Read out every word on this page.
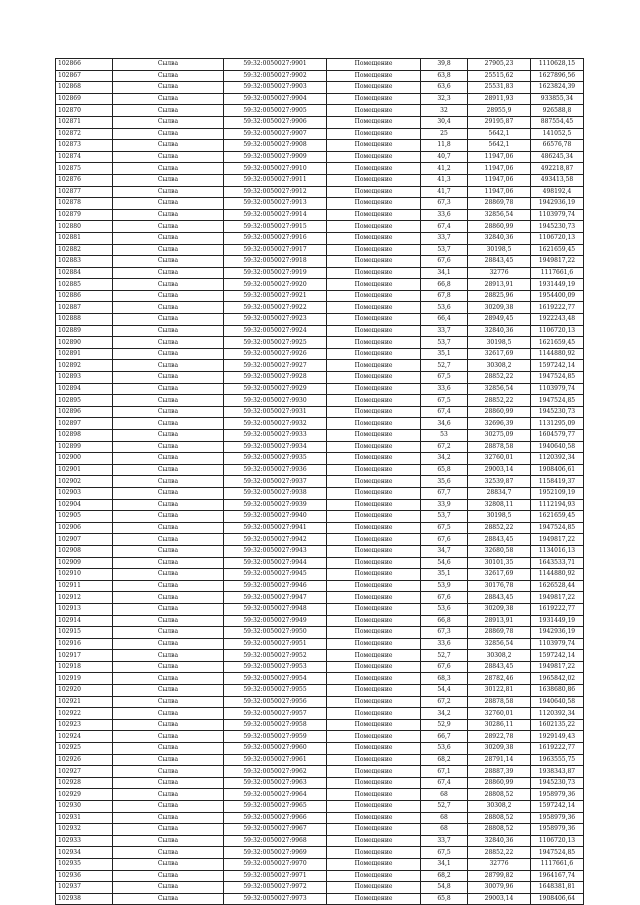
102866	Сылва	59:32:0050027:9901	Помещение	39,8	27905,23	1110628,15
102867	Сылва	59:32:0050027:9902	Помещение	63,8	25515,62	1627896,56
102868	Сылва	59:32:0050027:9903	Помещение	63,6	25531,83	1623824,39
102869	Сылва	59:32:0050027:9904	Помещение	32,3	28911,93	933855,34
102870	Сылва	59:32:0050027:9905	Помещение	32	28955,9	926588,8
102871	Сылва	59:32:0050027:9906	Помещение	30,4	29195,87	887554,45
102872	Сылва	59:32:0050027:9907	Помещение	25	5642,1	141052,5
102873	Сылва	59:32:0050027:9908	Помещение	11,8	5642,1	66576,78
102874	Сылва	59:32:0050027:9909	Помещение	40,7	11947,06	486245,34
102875	Сылва	59:32:0050027:9910	Помещение	41,2	11947,06	492218,87
102876	Сылва	59:32:0050027:9911	Помещение	41,3	11947,06	493413,58
102877	Сылва	59:32:0050027:9912	Помещение	41,7	11947,06	498192,4
102878	Сылва	59:32:0050027:9913	Помещение	67,3	28869,78	1942936,19
102879	Сылва	59:32:0050027:9914	Помещение	33,6	32856,54	1103979,74
102880	Сылва	59:32:0050027:9915	Помещение	67,4	28860,99	1945230,73
102881	Сылва	59:32:0050027:9916	Помещение	33,7	32840,36	1106720,13
102882	Сылва	59:32:0050027:9917	Помещение	53,7	30198,5	1621659,45
102883	Сылва	59:32:0050027:9918	Помещение	67,6	28843,45	1949817,22
102884	Сылва	59:32:0050027:9919	Помещение	34,1	32776	1117661,6
102885	Сылва	59:32:0050027:9920	Помещение	66,8	28913,91	1931449,19
102886	Сылва	59:32:0050027:9921	Помещение	67,8	28825,96	1954400,09
102887	Сылва	59:32:0050027:9922	Помещение	53,6	30209,38	1619222,77
102888	Сылва	59:32:0050027:9923	Помещение	66,4	28949,45	1922243,48
102889	Сылва	59:32:0050027:9924	Помещение	33,7	32840,36	1106720,13
102890	Сылва	59:32:0050027:9925	Помещение	53,7	30198,5	1621659,45
102891	Сылва	59:32:0050027:9926	Помещение	35,1	32617,69	1144880,92
102892	Сылва	59:32:0050027:9927	Помещение	52,7	30308,2	1597242,14
102893	Сылва	59:32:0050027:9928	Помещение	67,5	28852,22	1947524,85
102894	Сылва	59:32:0050027:9929	Помещение	33,6	32856,54	1103979,74
102895	Сылва	59:32:0050027:9930	Помещение	67,5	28852,22	1947524,85
102896	Сылва	59:32:0050027:9931	Помещение	67,4	28860,99	1945230,73
102897	Сылва	59:32:0050027:9932	Помещение	34,6	32696,39	1131295,09
102898	Сылва	59:32:0050027:9933	Помещение	53	30275,09	1604579,77
102899	Сылва	59:32:0050027:9934	Помещение	67,2	28878,58	1940640,58
102900	Сылва	59:32:0050027:9935	Помещение	34,2	32760,01	1120392,34
102901	Сылва	59:32:0050027:9936	Помещение	65,8	29003,14	1908406,61
102902	Сылва	59:32:0050027:9937	Помещение	35,6	32539,87	1158419,37
102903	Сылва	59:32:0050027:9938	Помещение	67,7	28834,7	1952109,19
102904	Сылва	59:32:0050027:9939	Помещение	33,9	32808,11	1112194,93
102905	Сылва	59:32:0050027:9940	Помещение	53,7	30198,5	1621659,45
102906	Сылва	59:32:0050027:9941	Помещение	67,5	28852,22	1947524,85
102907	Сылва	59:32:0050027:9942	Помещение	67,6	28843,45	1949817,22
102908	Сылва	59:32:0050027:9943	Помещение	34,7	32680,58	1134016,13
102909	Сылва	59:32:0050027:9944	Помещение	54,6	30101,35	1643533,71
102910	Сылва	59:32:0050027:9945	Помещение	35,1	32617,69	1144880,92
102911	Сылва	59:32:0050027:9946	Помещение	53,9	30176,78	1626528,44
102912	Сылва	59:32:0050027:9947	Помещение	67,6	28843,45	1949817,22
102913	Сылва	59:32:0050027:9948	Помещение	53,6	30209,38	1619222,77
102914	Сылва	59:32:0050027:9949	Помещение	66,8	28913,91	1931449,19
102915	Сылва	59:32:0050027:9950	Помещение	67,3	28869,78	1942936,19
102916	Сылва	59:32:0050027:9951	Помещение	33,6	32856,54	1103979,74
102917	Сылва	59:32:0050027:9952	Помещение	52,7	30308,2	1597242,14
102918	Сылва	59:32:0050027:9953	Помещение	67,6	28843,45	1949817,22
102919	Сылва	59:32:0050027:9954	Помещение	68,3	28782,46	1965842,02
102920	Сылва	59:32:0050027:9955	Помещение	54,4	30122,81	1638680,86
102921	Сылва	59:32:0050027:9956	Помещение	67,2	28878,58	1940640,58
102922	Сылва	59:32:0050027:9957	Помещение	34,2	32760,01	1120392,34
102923	Сылва	59:32:0050027:9958	Помещение	52,9	30286,11	1602135,22
102924	Сылва	59:32:0050027:9959	Помещение	66,7	28922,78	1929149,43
102925	Сылва	59:32:0050027:9960	Помещение	53,6	30209,38	1619222,77
102926	Сылва	59:32:0050027:9961	Помещение	68,2	28791,14	1963555,75
102927	Сылва	59:32:0050027:9962	Помещение	67,1	28887,39	1938343,87
102928	Сылва	59:32:0050027:9963	Помещение	67,4	28860,99	1945230,73
102929	Сылва	59:32:0050027:9964	Помещение	68	28808,52	1958979,36
102930	Сылва	59:32:0050027:9965	Помещение	52,7	30308,2	1597242,14
102931	Сылва	59:32:0050027:9966	Помещение	68	28808,52	1958979,36
102932	Сылва	59:32:0050027:9967	Помещение	68	28808,52	1958979,36
102933	Сылва	59:32:0050027:9968	Помещение	33,7	32840,36	1106720,13
102934	Сылва	59:32:0050027:9969	Помещение	67,5	28852,22	1947524,85
102935	Сылва	59:32:0050027:9970	Помещение	34,1	32776	1117661,6
102936	Сылва	59:32:0050027:9971	Помещение	68,2	28799,82	1964167,74
102937	Сылва	59:32:0050027:9972	Помещение	54,8	30079,96	1648381,81
102938	Сылва	59:32:0050027:9973	Помещение	65,8	29003,14	1908406,64
